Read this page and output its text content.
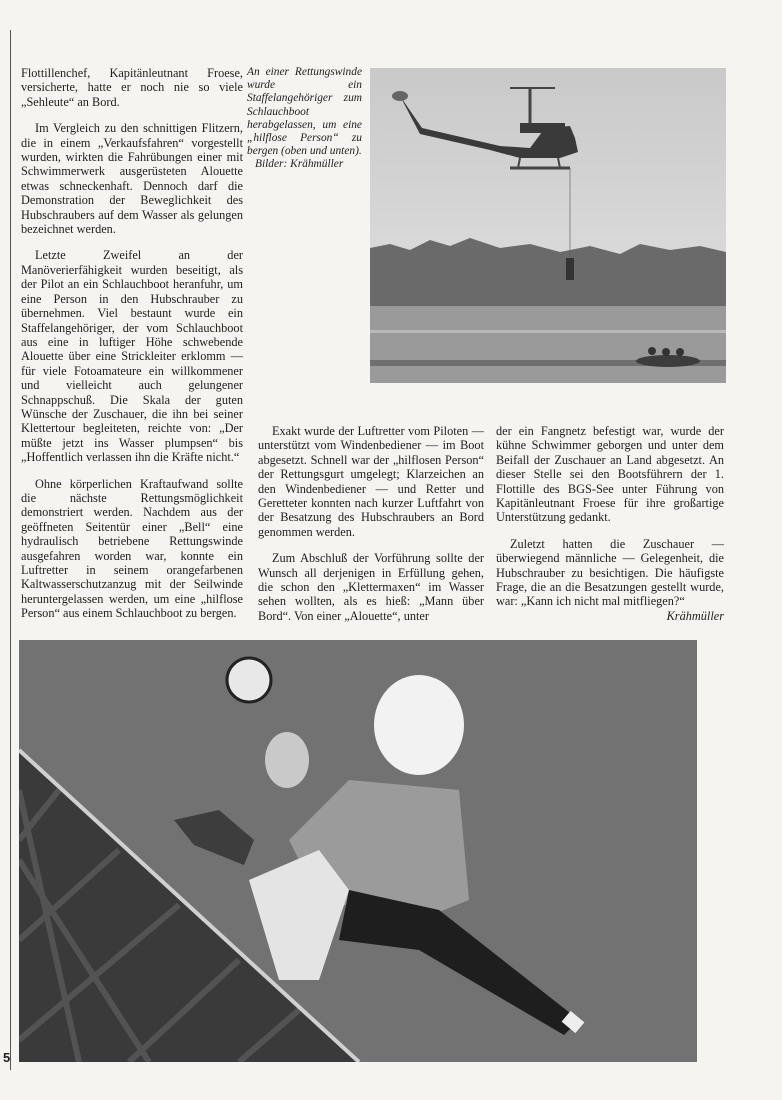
Flottillenchef, Kapitänleutnant Froese, versicherte, hatte er noch nie so viele „Sehleute“ an Bord.

Im Vergleich zu den schnittigen Flitzern, die in einem „Verkaufsfahren“ vorgestellt wurden, wirkten die Fahrübungen einer mit Schwimmerwerk ausgerüsteten Alouette etwas schneckenhaft. Dennoch darf die Demonstration der Beweglichkeit des Hubschraubers auf dem Wasser als gelungen bezeichnet werden.

Letzte Zweifel an der Manöverierfähigkeit wurden beseitigt, als der Pilot an ein Schlauchboot heranfuhr, um eine Person in den Hubschrauber zu übernehmen. Viel bestaunt wurde ein Staffelangehöriger, der vom Schlauchboot aus eine in luftiger Höhe schwebende Alouette über eine Strickleiter erklomm — für viele Fotoamateure ein willkommener und vielleicht auch gelungener Schnappschuß. Die Skala der guten Wünsche der Zuschauer, die ihn bei seiner Klettertour begleiteten, reichte von: „Der müßte jetzt ins Wasser plumpsen“ bis „Hoffentlich verlassen ihn die Kräfte nicht.“

Ohne körperlichen Kraftaufwand sollte die nächste Rettungsmöglichkeit demonstriert werden. Nachdem aus der geöffneten Seitentür einer „Bell“ eine hydraulisch betriebene Rettungswinde ausgefahren worden war, konnte ein Luftretter in seinem orangefarbenen Kaltwasserschutzanzug mit der Seilwinde heruntergelassen werden, um eine „hilflose Person“ aus einem Schlauchboot zu bergen.

An einer Rettungswinde wurde ein Staffelangehöriger zum Schlauchboot herabgelassen, um eine „hilflose Person“ zu bergen (oben und unten).
Bilder: Krähmüller

Exakt wurde der Luftretter vom Piloten — unterstützt vom Windenbediener — im Boot abgesetzt. Schnell war der „hilflosen Person“ der Rettungsgurt umgelegt; Klarzeichen an den Windenbediener — und Retter und Geretteter konnten nach kurzer Luftfahrt von der Besatzung des Hubschraubers an Bord genommen werden.

Zum Abschluß der Vorführung sollte der Wunsch all derjenigen in Erfüllung gehen, die schon den „Klettermaxen“ im Wasser sehen wollten, als es hieß: „Mann über Bord“. Von einer „Alouette“, unter

der ein Fangnetz befestigt war, wurde der kühne Schwimmer geborgen und unter dem Beifall der Zuschauer an Land abgesetzt. An dieser Stelle sei den Bootsführern der 1. Flottille des BGS-See unter Führung von Kapitänleutnant Froese für ihre großartige Unterstützung gedankt.

Zuletzt hatten die Zuschauer — überwiegend männliche — Gelegenheit, die Hubschrauber zu besichtigen. Die häufigste Frage, die an die Besatzungen gestellt wurde, war: „Kann ich nicht mal mitfliegen?“
Krähmüller

5
